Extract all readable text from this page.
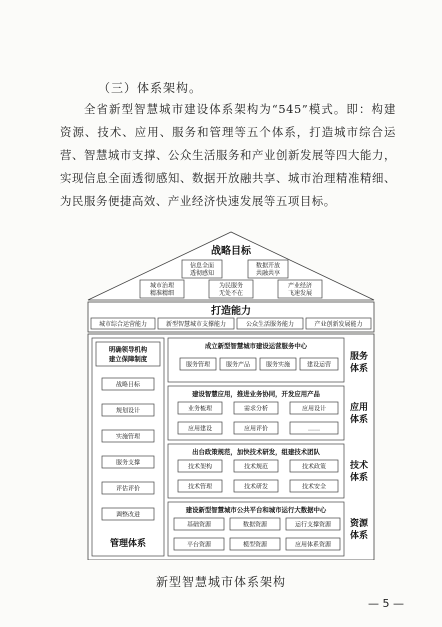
（三）体系架构。
全省新型智慧城市建设体系架构为“545”模式。即：构建资源、技术、应用、服务和管理等五个体系，打造城市综合运营、智慧城市支撑、公众生活服务和产业创新发展等四大能力，实现信息全面透彻感知、数据开放融共享、城市治理精准精细、为民服务便捷高效、产业经济快速发展等五项目标。
战略目标
信息全面
透彻感知
数据开放
共融共享
城市治理
精准精细
为民服务
无处不在
产业经济
飞速发展
打造能力
城市综合运营能力	新型智慧城市支撑能力	公众生活服务能力	产业创新发展能力
明确领导机构
建立保障制度
战略目标
规划设计
实施管理
服务支撑
评估评价
调整改进
管理体系
成立新型智慧城市建设运营服务中心
服务管理	服务产品	服务实施	建设运营
服务
体系
建设智慧应用，推进业务协同，开发应用产品
业务梳理	需求分析	应用设计
应用建设	应用评价	……
应用
体系
出台政策规范，加快技术研发，组建技术团队
技术架构	技术规范	技术政策
技术管理	技术研发	技术安全
技术
体系
建设新型智慧城市公共平台和城市运行大数据中心
基础资源	数据资源	运行支撑资源
平台资源	模型资源	应用体系资源
资源
体系
新型智慧城市体系架构
— 5 —
